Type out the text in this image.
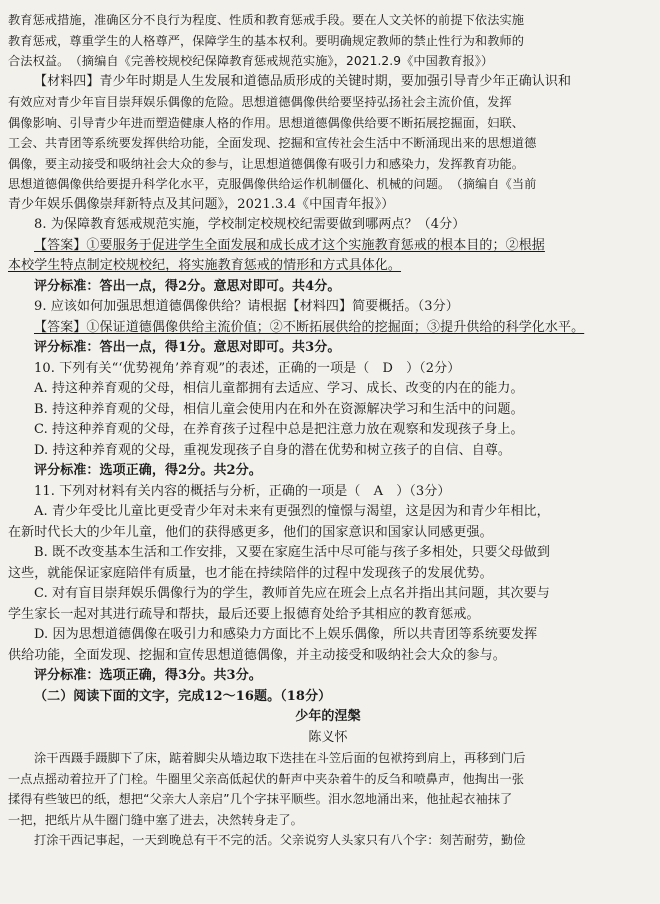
教育惩戒措施，准确区分不良行为程度、性质和教育惩戒手段。要在人文关怀的前提下依法实施
教育惩戒，尊重学生的人格尊严，保障学生的基本权利。要明确规定教师的禁止性行为和教师的
合法权益。　（摘编自《完善校规校纪保障教育惩戒规范实施》，2021.2.9《中国教育报》）
【材料四】青少年时期是人生发展和道德品质形成的关键时期，要加强引导青少年正确认识和
有效应对青少年盲目崇拜娱乐偶像的危险。思想道德偶像供给要坚持弘扬社会主流价值，发挥
偶像影响、引导青少年进而塑造健康人格的作用。思想道德偶像供给要不断拓展挖掘面，妇联、
工会、共青团等系统要发挥供给功能，全面发现、挖掘和宣传社会生活中不断涌现出来的思想道德
偶像，要主动接受和吸纳社会大众的参与，让思想道德偶像有吸引力和感染力，发挥教育功能。
思想道德偶像供给要提升科学化水平，克服偶像供给运作机制僵化、机械的问题。　（摘编自《当前
青少年娱乐偶像崇拜新特点及其问题》，2021.3.4《中国青年报》）
8. 为保障教育惩戒规范实施，学校制定校规校纪需要做到哪两点？（4分）
【答案】①要服务于促进学生全面发展和成长成才这个实施教育惩戒的根本目的；②根据
本校学生特点制定校规校纪，将实施教育惩戒的情形和方式具体化。
评分标准：答出一点，得2分。意思对即可。共4分。
9. 应该如何加强思想道德偶像供给？请根据【材料四】简要概括。（3分）
【答案】①保证道德偶像供给主流价值；②不断拓展供给的挖掘面；③提升供给的科学化水平。
评分标准：答出一点，得1分。意思对即可。共3分。
10. 下列有关“‘优势视角’养育观”的表述，正确的一项是（　D　）（2分）
A. 持这种养育观的父母，相信儿童都拥有去适应、学习、成长、改变的内在的能力。
B. 持这种养育观的父母，相信儿童会使用内在和外在资源解决学习和生活中的问题。
C. 持这种养育观的父母，在养育孩子过程中总是把注意力放在观察和发现孩子身上。
D. 持这种养育观的父母，重视发现孩子自身的潜在优势和树立孩子的自信、自尊。
评分标准：选项正确，得2分。共2分。
11. 下列对材料有关内容的概括与分析，正确的一项是（　A　）（3分）
A. 青少年受比儿童比更受青少年对未来有更强烈的憧憬与渴望，这是因为和青少年相比，
在新时代长大的少年儿童，他们的获得感更多，他们的国家意识和国家认同感更强。
B. 既不改变基本生活和工作安排，又要在家庭生活中尽可能与孩子多相处，只要父母做到
这些，就能保证家庭陪伴有质量，也才能在持续陪伴的过程中发现孩子的发展优势。
C. 对有盲目崇拜娱乐偶像行为的学生，教师首先应在班会上点名并指出其问题，其次要与
学生家长一起对其进行疏导和帮扶，最后还要上报德育处给予其相应的教育惩戒。
D. 因为思想道德偶像在吸引力和感染力方面比不上娱乐偶像，所以共青团等系统要发挥
供给功能，全面发现、挖掘和宣传思想道德偶像，并主动接受和吸纳社会大众的参与。
评分标准：选项正确，得3分。共3分。
（二）阅读下面的文字，完成12～16题。（18分）
少年的涅槃
陈义怀
涂干西蹑手蹑脚下了床，踮着脚尖从墙边取下迭挂在斗笠后面的包袱挎到肩上，再移到门后
一点点摇动着拉开了门栓。牛圈里父亲高低起伏的鼾声中夹杂着牛的反刍和喷鼻声，他掏出一张
揉得有些皱巴的纸，想把“父亲大人亲启”几个字抹平顺些。泪水忽地涌出来，他扯起衣袖抹了
一把，把纸片从牛圈门缝中塞了进去，决然转身走了。
打涂干西记事起，一天到晚总有干不完的活。父亲说穷人头家只有八个字：刻苦耐劳，勤俭
